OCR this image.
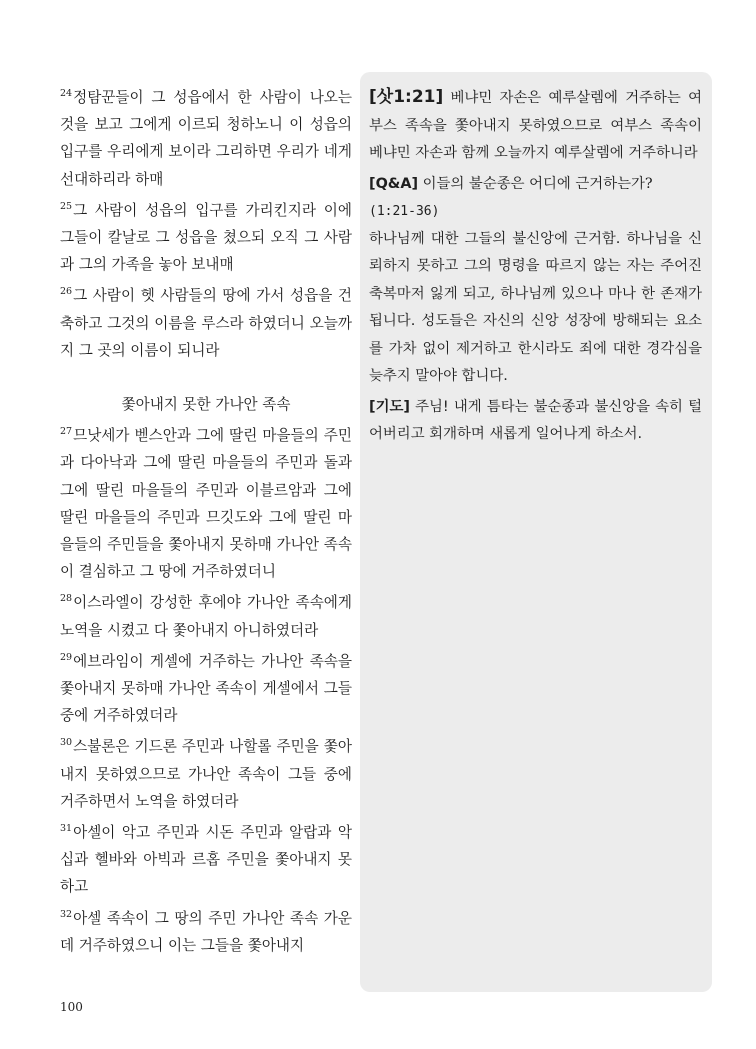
$^{24}$정탐꾼들이 그 성읍에서 한 사람이 나오는 것을 보고 그에게 이르되 청하노니 이 성읍의 입구를 우리에게 보이라 그리하면 우리가 네게 선대하리라 하매

$^{25}$그 사람이 성읍의 입구를 가리킨지라 이에 그들이 칼날로 그 성읍을 쳤으되 오직 그 사람과 그의 가족을 놓아 보내매

$^{26}$그 사람이 헷 사람들의 땅에 가서 성읍을 건축하고 그것의 이름을 루스라 하였더니 오늘까지 그 곳의 이름이 되니라

쫓아내지 못한 가나안 족속

$^{27}$므낫세가 벧스안과 그에 딸린 마을들의 주민과 다아낙과 그에 딸린 마을들의 주민과 돌과 그에 딸린 마을들의 주민과 이블르암과 그에 딸린 마을들의 주민과 므깃도와 그에 딸린 마을들의 주민들을 쫓아내지 못하매 가나안 족속이 결심하고 그 땅에 거주하였더니

$^{28}$이스라엘이 강성한 후에야 가나안 족속에게 노역을 시켰고 다 쫓아내지 아니하였더라

$^{29}$에브라임이 게셀에 거주하는 가나안 족속을 쫓아내지 못하매 가나안 족속이 게셀에서 그들 중에 거주하였더라

$^{30}$스불론은 기드론 주민과 나할롤 주민을 쫓아내지 못하였으므로 가나안 족속이 그들 중에 거주하면서 노역을 하였더라

$^{31}$아셀이 악고 주민과 시돈 주민과 알랍과 악십과 헬바와 아빅과 르홉 주민을 쫓아내지 못하고

$^{32}$아셀 족속이 그 땅의 주민 가나안 족속 가운데 거주하였으니 이는 그들을 쫓아내지

[삿1:21] 베냐민 자손은 예루살렘에 거주하는 여부스 족속을 쫓아내지 못하였으므로 여부스 족속이 베냐민 자손과 함께 오늘까지 예루살렘에 거주하니라

[Q&A] 이들의 불순종은 어디에 근거하는가?
(1:21-36)
하나님께 대한 그들의 불신앙에 근거함. 하나님을 신뢰하지 못하고 그의 명령을 따르지 않는 자는 주어진 축복마저 잃게 되고, 하나님께 있으나 마나 한 존재가 됩니다. 성도들은 자신의 신앙 성장에 방해되는 요소를 가차 없이 제거하고 한시라도 죄에 대한 경각심을 늦추지 말아야 합니다.

[기도] 주님! 내게 틈타는 불순종과 불신앙을 속히 털어버리고 회개하며 새롭게 일어나게 하소서.

100
